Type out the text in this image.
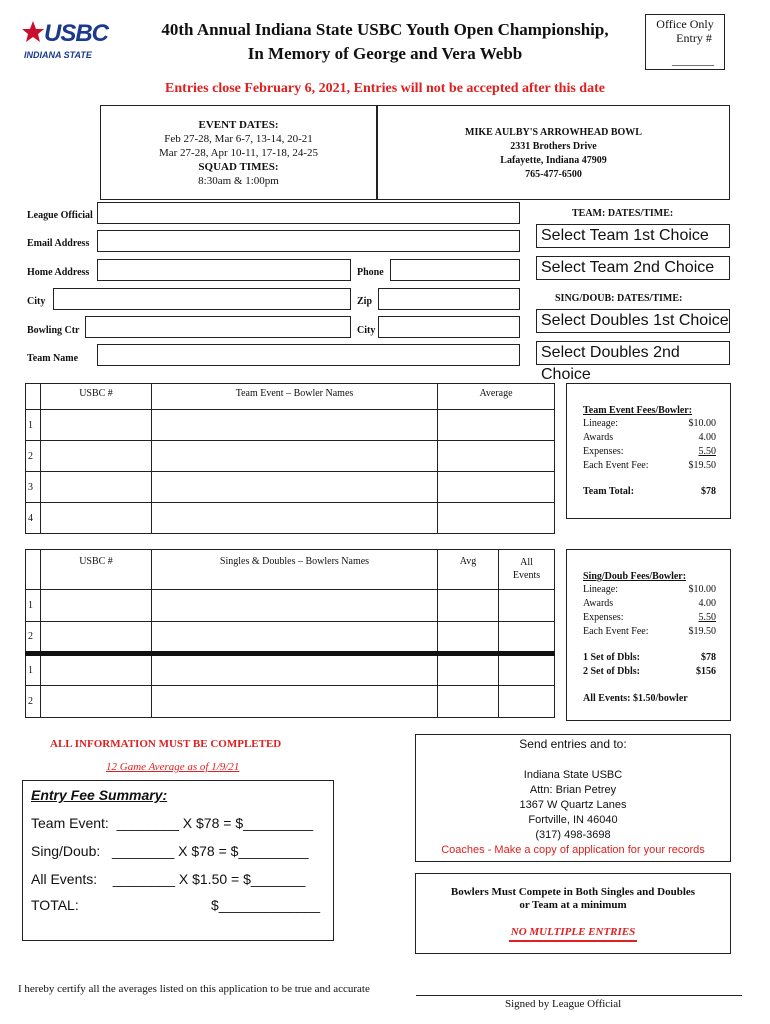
USBC
INDIANA STATE
40th Annual Indiana State USBC Youth Open Championship,
In Memory of George and Vera Webb
Office Only
Entry #
_______
Entries close February 6, 2021, Entries will not be accepted after this date
EVENT DATES:
Feb 27-28, Mar 6-7, 13-14, 20-21
Mar 27-28, Apr 10-11, 17-18, 24-25
SQUAD TIMES:
8:30am & 1:00pm
MIKE AULBY'S ARROWHEAD BOWL
2331 Brothers Drive
Lafayette, Indiana 47909
765-477-6500
League Official
Email Address
Home Address	Phone
City	Zip
Bowling Ctr	City
Team Name
TEAM: DATES/TIME:
Select Team 1st Choice
Select Team 2nd Choice
SING/DOUB: DATES/TIME:
Select Doubles 1st Choice
Select Doubles 2nd Choice
	USBC #	Team Event – Bowler Names	Average
1			
2			
3			
4			
Team Event Fees/Bowler:
Lineage:	$10.00
Awards	4.00
Expenses:	5.50
Each Event Fee:	$19.50
Team Total:	$78
	USBC #	Singles & Doubles – Bowlers Names	Avg	All
Events

1				
2				
1				
2				
Sing/Doub Fees/Bowler:
Lineage:	$10.00
Awards	4.00
Expenses:	5.50
Each Event Fee:	$19.50
1 Set of Dbls:	$78
2 Set of Dbls:	$156
All Events: $1.50/bowler
ALL INFORMATION MUST BE COMPLETED
12 Game Average as of 1/9/21
Entry Fee Summary:
Team Event:  ________ X $78 = $_________
Sing/Doub:   ________ X $78 = $_________
All Events:    ________ X $1.50 = $_______
TOTAL:	$_____________
Send entries and to:
Indiana State USBC
Attn: Brian Petrey
1367 W Quartz Lanes
Fortville, IN 46040
(317) 498-3698
Coaches - Make a copy of application for your records
Bowlers Must Compete in Both Singles and Doubles
or Team at a minimum
NO MULTIPLE ENTRIES
I hereby certify all the averages listed on this application to be true and accurate
Signed by League Official
